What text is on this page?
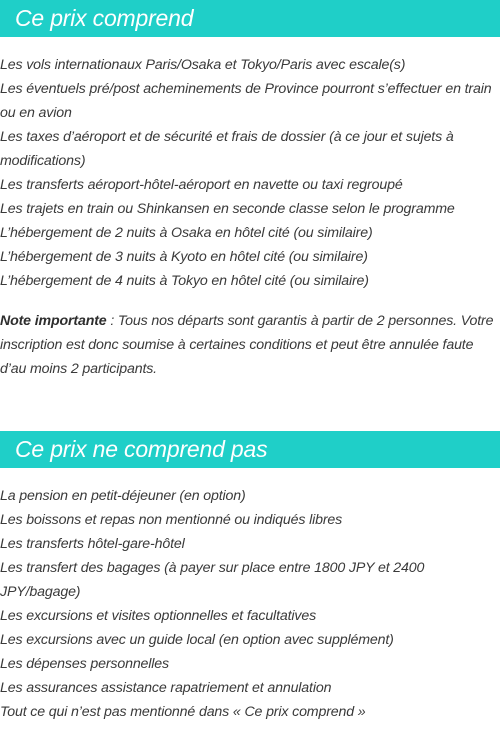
Ce prix comprend
Les vols internationaux Paris/Osaka et Tokyo/Paris avec escale(s)
Les éventuels pré/post acheminements de Province pourront s’effectuer en train ou en avion
Les taxes d’aéroport et de sécurité et frais de dossier (à ce jour et sujets à modifications)
Les transferts aéroport-hôtel-aéroport en navette ou taxi regroupé
Les trajets en train ou Shinkansen en seconde classe selon le programme
L’hébergement de 2 nuits à Osaka en hôtel cité (ou similaire)
L’hébergement de 3 nuits à Kyoto en hôtel cité (ou similaire)
L’hébergement de 4 nuits à Tokyo en hôtel cité (ou similaire)

Note importante : Tous nos départs sont garantis à partir de 2 personnes. Votre inscription est donc soumise à certaines conditions et peut être annulée faute d’au moins 2 participants.

Ce prix ne comprend pas
La pension en petit-déjeuner (en option)
Les boissons et repas non mentionné ou indiqués libres
Les transferts hôtel-gare-hôtel
Les transfert des bagages (à payer sur place entre 1800 JPY et 2400 JPY/bagage)
Les excursions et visites optionnelles et facultatives
Les excursions avec un guide local (en option avec supplément)
Les dépenses personnelles
Les assurances assistance rapatriement et annulation
Tout ce qui n’est pas mentionné dans « Ce prix comprend »
